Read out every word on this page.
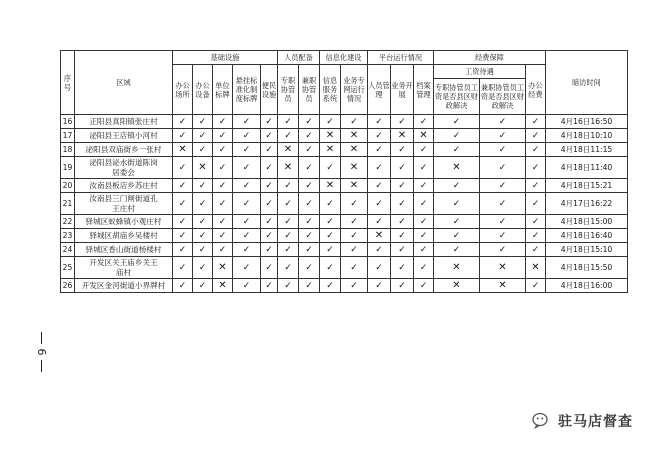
序号	区域	基础设施					人员配备		信息化建设		平台运行情况			经费保障			暗访时间
		办公场所	办公设备	单位标牌	悬挂标准化制度标牌	便民设施	专职协管员	兼职协管员	信息服务系统	业务专网运行情况	人员管理	业务开展	档案管理	工资待遇		办公经费	
														专职协管员工资是否县区财政解决	兼职协管员工资是否县区财政解决		
16	正阳县真阳镇张庄村	✓	✓	✓	✓	✓	✓	✓	✓	✓	✓	✓	✓	✓	✓	✓	4月16日16:50
17	泌阳县王店镇小河村	✓	✓	✓	✓	✓	✓	✓	✕	✕	✓	✕	✕	✓	✓	✓	4月18日10:10
18	泌阳县双庙街乡一张村	✕	✓	✓	✓	✓	✕	✓	✕	✕	✓	✓	✓	✓	✓	✓	4月18日11:15
19	泌阳县泌水街道陈岗居委会	✓	✕	✓	✓	✓	✕	✓	✓	✕	✓	✓	✓	✕	✓	✓	4月18日11:40
20	汝南县板店乡苏庄村	✓	✓	✓	✓	✓	✓	✓	✕	✕	✓	✓	✓	✓	✓	✓	4月18日15:21
21	汝南县三门闸街道孔王庄村	✓	✓	✓	✓	✓	✓	✓	✓	✓	✓	✓	✓	✓	✓	✓	4月17日16:22
22	驿城区蚁蜂镇小观庄村	✓	✓	✓	✓	✓	✓	✓	✓	✓	✓	✓	✓	✓	✓	✓	4月18日15:00
23	驿城区胡庙乡吴楼村	✓	✓	✓	✓	✓	✓	✓	✓	✓	✕	✓	✓	✓	✓	✓	4月18日16:40
24	驿城区香山街道杨楼村	✓	✓	✓	✓	✓	✓	✓	✓	✓	✓	✓	✓	✓	✓	✓	4月18日15:10
25	开发区关王庙乡关王庙村	✓	✓	✕	✓	✓	✓	✓	✓	✓	✓	✓	✓	✕	✕	✕	4月18日15:50
26	开发区金河街道小界牌村	✓	✓	✕	✓	✓	✓	✓	✓	✓	✓	✓	✓	✕	✕	✓	4月18日16:00
6
驻马店督查
